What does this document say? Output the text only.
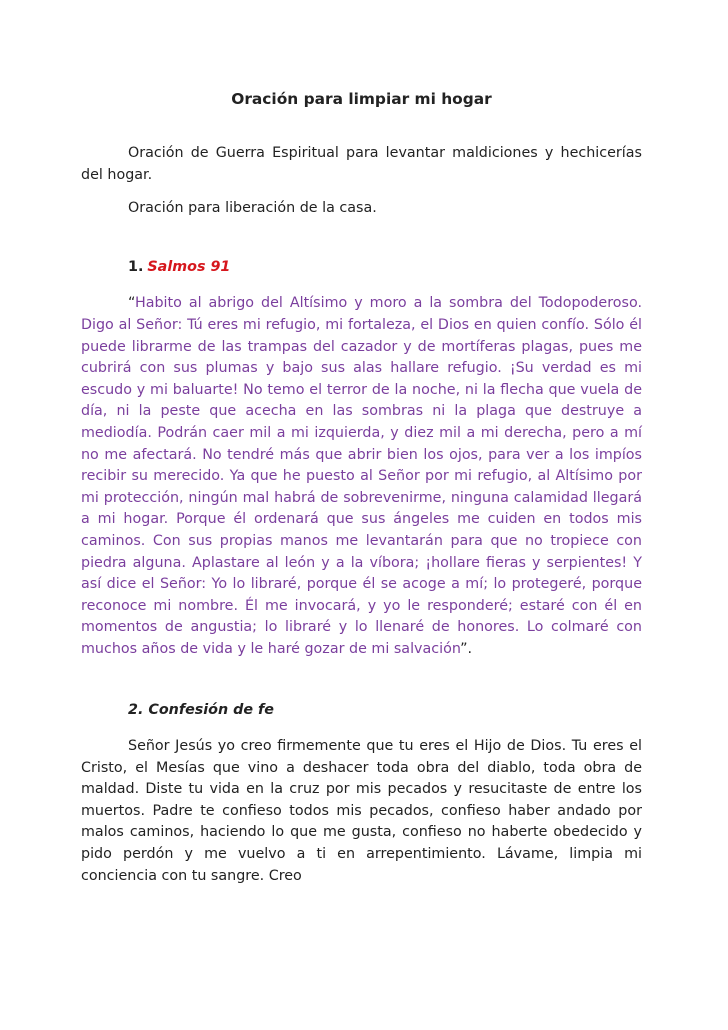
Oración para limpiar mi hogar

Oración de Guerra Espiritual para levantar maldiciones y hechicerías del hogar.

Oración para liberación de la casa.

1. Salmos 91

“Habito al abrigo del Altísimo y moro a la sombra del Todopoderoso. Digo al Señor: Tú eres mi refugio, mi fortaleza, el Dios en quien confío. Sólo él puede librarme de las trampas del cazador y de mortíferas plagas, pues me cubrirá con sus plumas y bajo sus alas hallare refugio. ¡Su verdad es mi escudo y mi baluarte! No temo el terror de la noche, ni la flecha que vuela de día, ni la peste que acecha en las sombras ni la plaga que destruye a mediodía. Podrán caer mil a mi izquierda, y diez mil a mi derecha, pero a mí no me afectará. No tendré más que abrir bien los ojos, para ver a los impíos recibir su merecido. Ya que he puesto al Señor por mi refugio, al Altísimo por mi protección, ningún mal habrá de sobrevenirme, ninguna calamidad llegará a mi hogar. Porque él ordenará que sus ángeles me cuiden en todos mis caminos. Con sus propias manos me levantarán para que no tropiece con piedra alguna. Aplastare al león y a la víbora; ¡hollare fieras y serpientes! Y así dice el Señor: Yo lo libraré, porque él se acoge a mí; lo protegeré, porque reconoce mi nombre. Él me invocará, y yo le responderé; estaré con él en momentos de angustia; lo libraré y lo llenaré de honores. Lo colmaré con muchos años de vida y le haré gozar de mi salvación”.

2. Confesión de fe

Señor Jesús yo creo firmemente que tu eres el Hijo de Dios. Tu eres el Cristo, el Mesías que vino a deshacer toda obra del diablo, toda obra de maldad. Diste tu vida en la cruz por mis pecados y resucitaste de entre los muertos. Padre te confieso todos mis pecados, confieso haber andado por malos caminos, haciendo lo que me gusta, confieso no haberte obedecido y pido perdón y me vuelvo a ti en arrepentimiento. Lávame, limpia mi conciencia con tu sangre. Creo
